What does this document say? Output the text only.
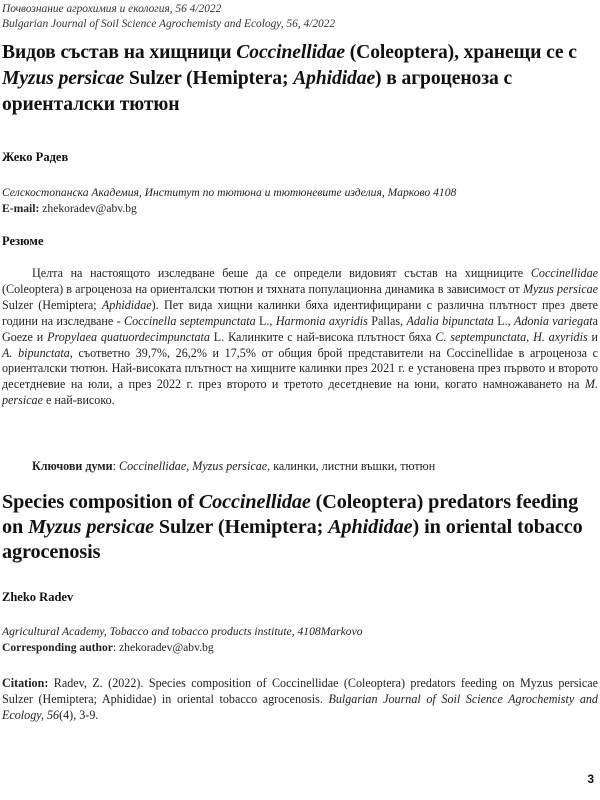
Почвознание агрохимия и екология, 56 4/2022
Bulgarian Journal of Soil Science Agrochemisty and Ecology, 56, 4/2022
Видов състав на хищници Coccinellidae (Coleoptera), хранещи се с Myzus persicae Sulzer (Hemiptera; Aphididae) в агроценоза с ориенталски тютюн
Жеко Радев
Селскостопанска Академия, Институт по тютюна и тютюневите изделия, Марково 4108
E-mail: zhekoradev@abv.bg
Резюме

Целта на настоящото изследване беше да се определи видовият състав на хищниците Coccinellidae (Coleoptera) в агроценоза на ориенталски тютюн и тяхната популационна динамика в зависимост от Myzus persicae Sulzer (Hemiptera; Aphididae). Пет вида хищни калинки бяха идентифицирани с различна плътност през двете години на изследване - Coccinella septempunctata L., Harmonia axyridis Pallas, Adalia bipunctata L., Adonia variegata Goeze и Propylaea quatuordecimpunctata L. Калинките с най-висока плътност бяха C. septempunctata, H. axyridis и A. bipunctata, съответно 39,7%, 26,2% и 17,5% от общия брой представители на Coccinellidae в агроценоза с ориенталски тютюн. Най-високата плътност на хищните калинки през 2021 г. е установена през първото и второто десетдневие на юли, а през 2022 г. през второто и третото десетдневие на юни, когато намножаването на M. persicae е най-високо.

Ключови думи: Coccinellidae, Myzus persicae, калинки, листни въшки, тютюн
Species composition of Coccinellidae (Coleoptera) predators feeding on Myzus persicae Sulzer (Hemiptera; Aphididae) in oriental tobacco agrocenosis
Zheko Radev
Agricultural Academy, Tobacco and tobacco products institute, 4108Markovo
Corresponding author: zhekoradev@abv.bg
Citation: Radev, Z. (2022). Species composition of Coccinellidae (Coleoptera) predators feeding on Myzus persicae Sulzer (Hemiptera; Aphididae) in oriental tobacco agrocenosis. Bulgarian Journal of Soil Science Agrochemisty and Ecology, 56(4), 3-9.
3
